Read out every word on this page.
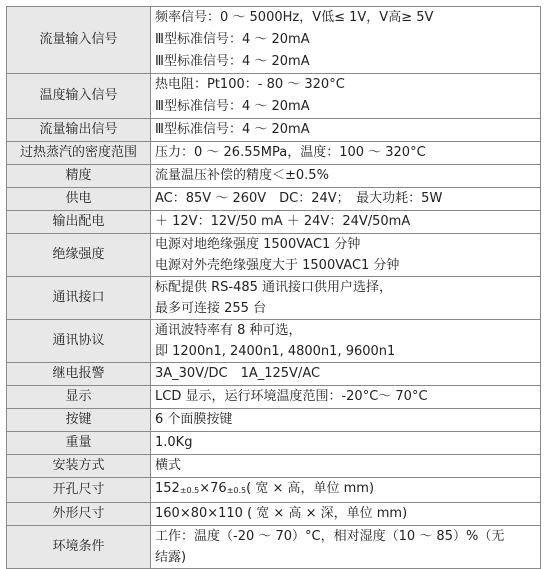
流量输入信号	频率信号：0 ～ 5000Hz，V低≤ 1V，V高≥ 5V
Ⅲ型标准信号：4 ～ 20mA
Ⅲ型标准信号：4 ～ 20mA

温度输入信号	热电阻：Pt100：- 80 ～ 320°C
Ⅲ型标准信号：4 ～ 20mA

流量输出信号	Ⅲ型标准信号：4 ～ 20mA
过热蒸汽的密度范围	压力：0 ～ 26.55MPa，温度：100 ～ 320°C
精度	流量温压补偿的精度＜±0.5%
供电	AC：85V ～ 260V　DC：24V；　最大功耗：5W
输出配电	＋ 12V：12V/50 mA ＋ 24V：24V/50mA
绝缘强度	电源对地绝缘强度 1500VAC1 分钟
电源对外壳绝缘强度大于 1500VAC1 分钟

通讯接口	标配提供 RS-485 通讯接口供用户选择，
最多可连接 255 台

通讯协议	通讯波特率有 8 种可选，
即 1200n1, 2400n1, 4800n1, 9600n1

继电报警	3A_30V/DC　1A_125V/AC
显示	LCD 显示，运行环境温度范围：-20°C～ 70°C
按键	6 个面膜按键
重量	1.0Kg
安装方式	横式
开孔尺寸	152±0.5×76±0.5( 宽 × 高，单位 mm)
外形尺寸	160×80×110 ( 宽 × 高 × 深，单位 mm)
环境条件	工作：温度（-20 ～ 70）°C，相对湿度（10 ～ 85）%（无
结露)
